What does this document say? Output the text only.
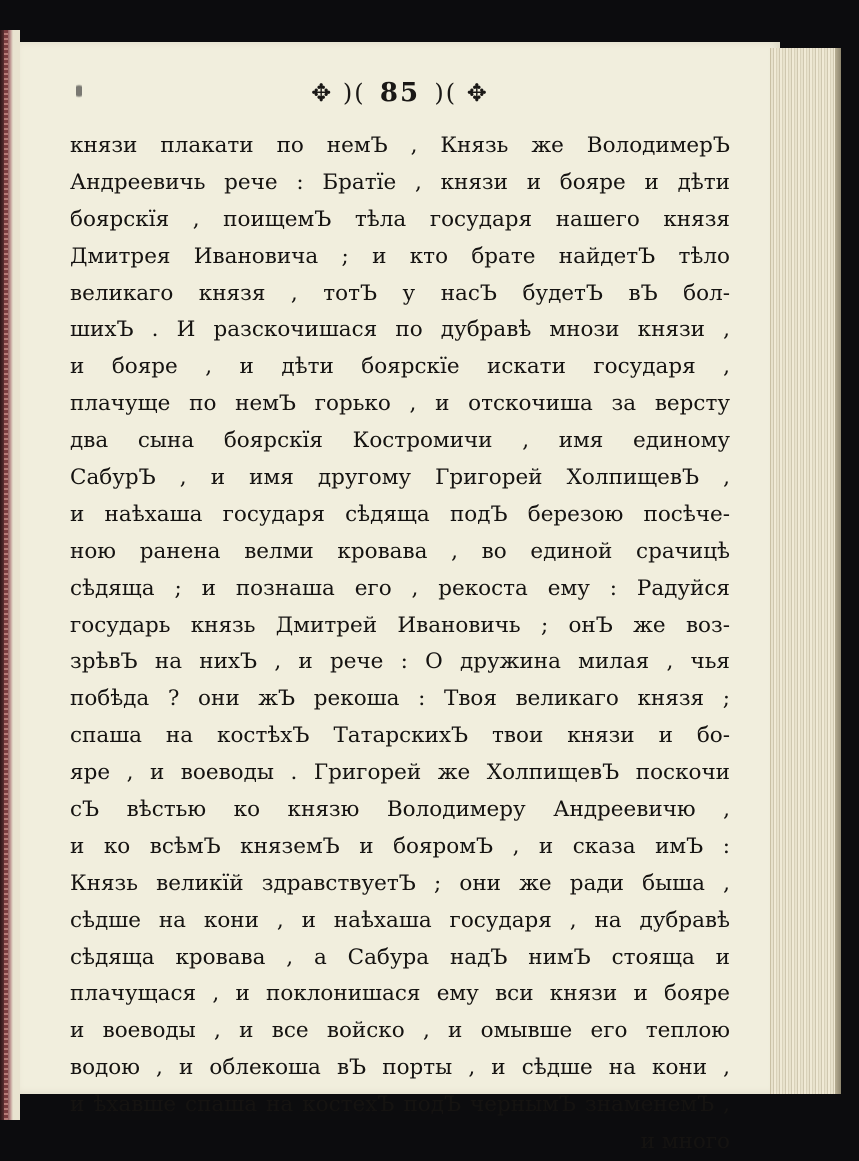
✥ )( 85 )( ✥
князи плакати по немЪ , Князь же ВолодимерЪ
Андреевичь рече : Братїе , князи и бояре и дѣти
боярскїя , поищемЪ тѣла государя нашего князя
Дмитрея Ивановича ; и кто брате найдетЪ тѣло
великаго князя , тотЪ у насЪ будетЪ вЪ бол-
шихЪ . И разскочишася по дубравѣ мнози князи ,
и бояре , и дѣти боярскїе искати государя ,
плачуще по немЪ горько , и отскочиша за версту
два сына боярскїя Костромичи , имя единому
СабурЪ , и имя другому Григорей ХолпищевЪ ,
и наѣхаша государя сѣдяща подЪ березою посѣче-
ною ранена велми кровава , во единой срачицѣ
сѣдяща ; и познаша его , рекоста ему : Радуйся
государь князь Дмитрей Ивановичь ; онЪ же воз-
зрѣвЪ на нихЪ , и рече : О дружина милая , чья
побѣда ? они жЪ рекоша : Твоя великаго князя ;
спаша на костѣхЪ ТатарскихЪ твои князи и бо-
яре , и воеводы . Григорей же ХолпищевЪ поскочи
сЪ вѣстью ко князю Володимеру Андреевичю ,
и ко всѣмЪ княземЪ и бояромЪ , и сказа имЪ :
Князь великїй здравствуетЪ ; они же ради быша ,
сѣдше на кони , и наѣхаша государя , на дубравѣ
сѣдяща кровава , а Сабура надЪ нимЪ стояща и
плачущася , и поклонишася ему вси князи и бояре
и воеводы , и все войско , и омывше его теплою
водою , и облекоша вЪ порты , и сѣдше на кони ,
и ѣхавше спаша на костехЪ подЪ чернымЪ знаменемЪ ,
и много
